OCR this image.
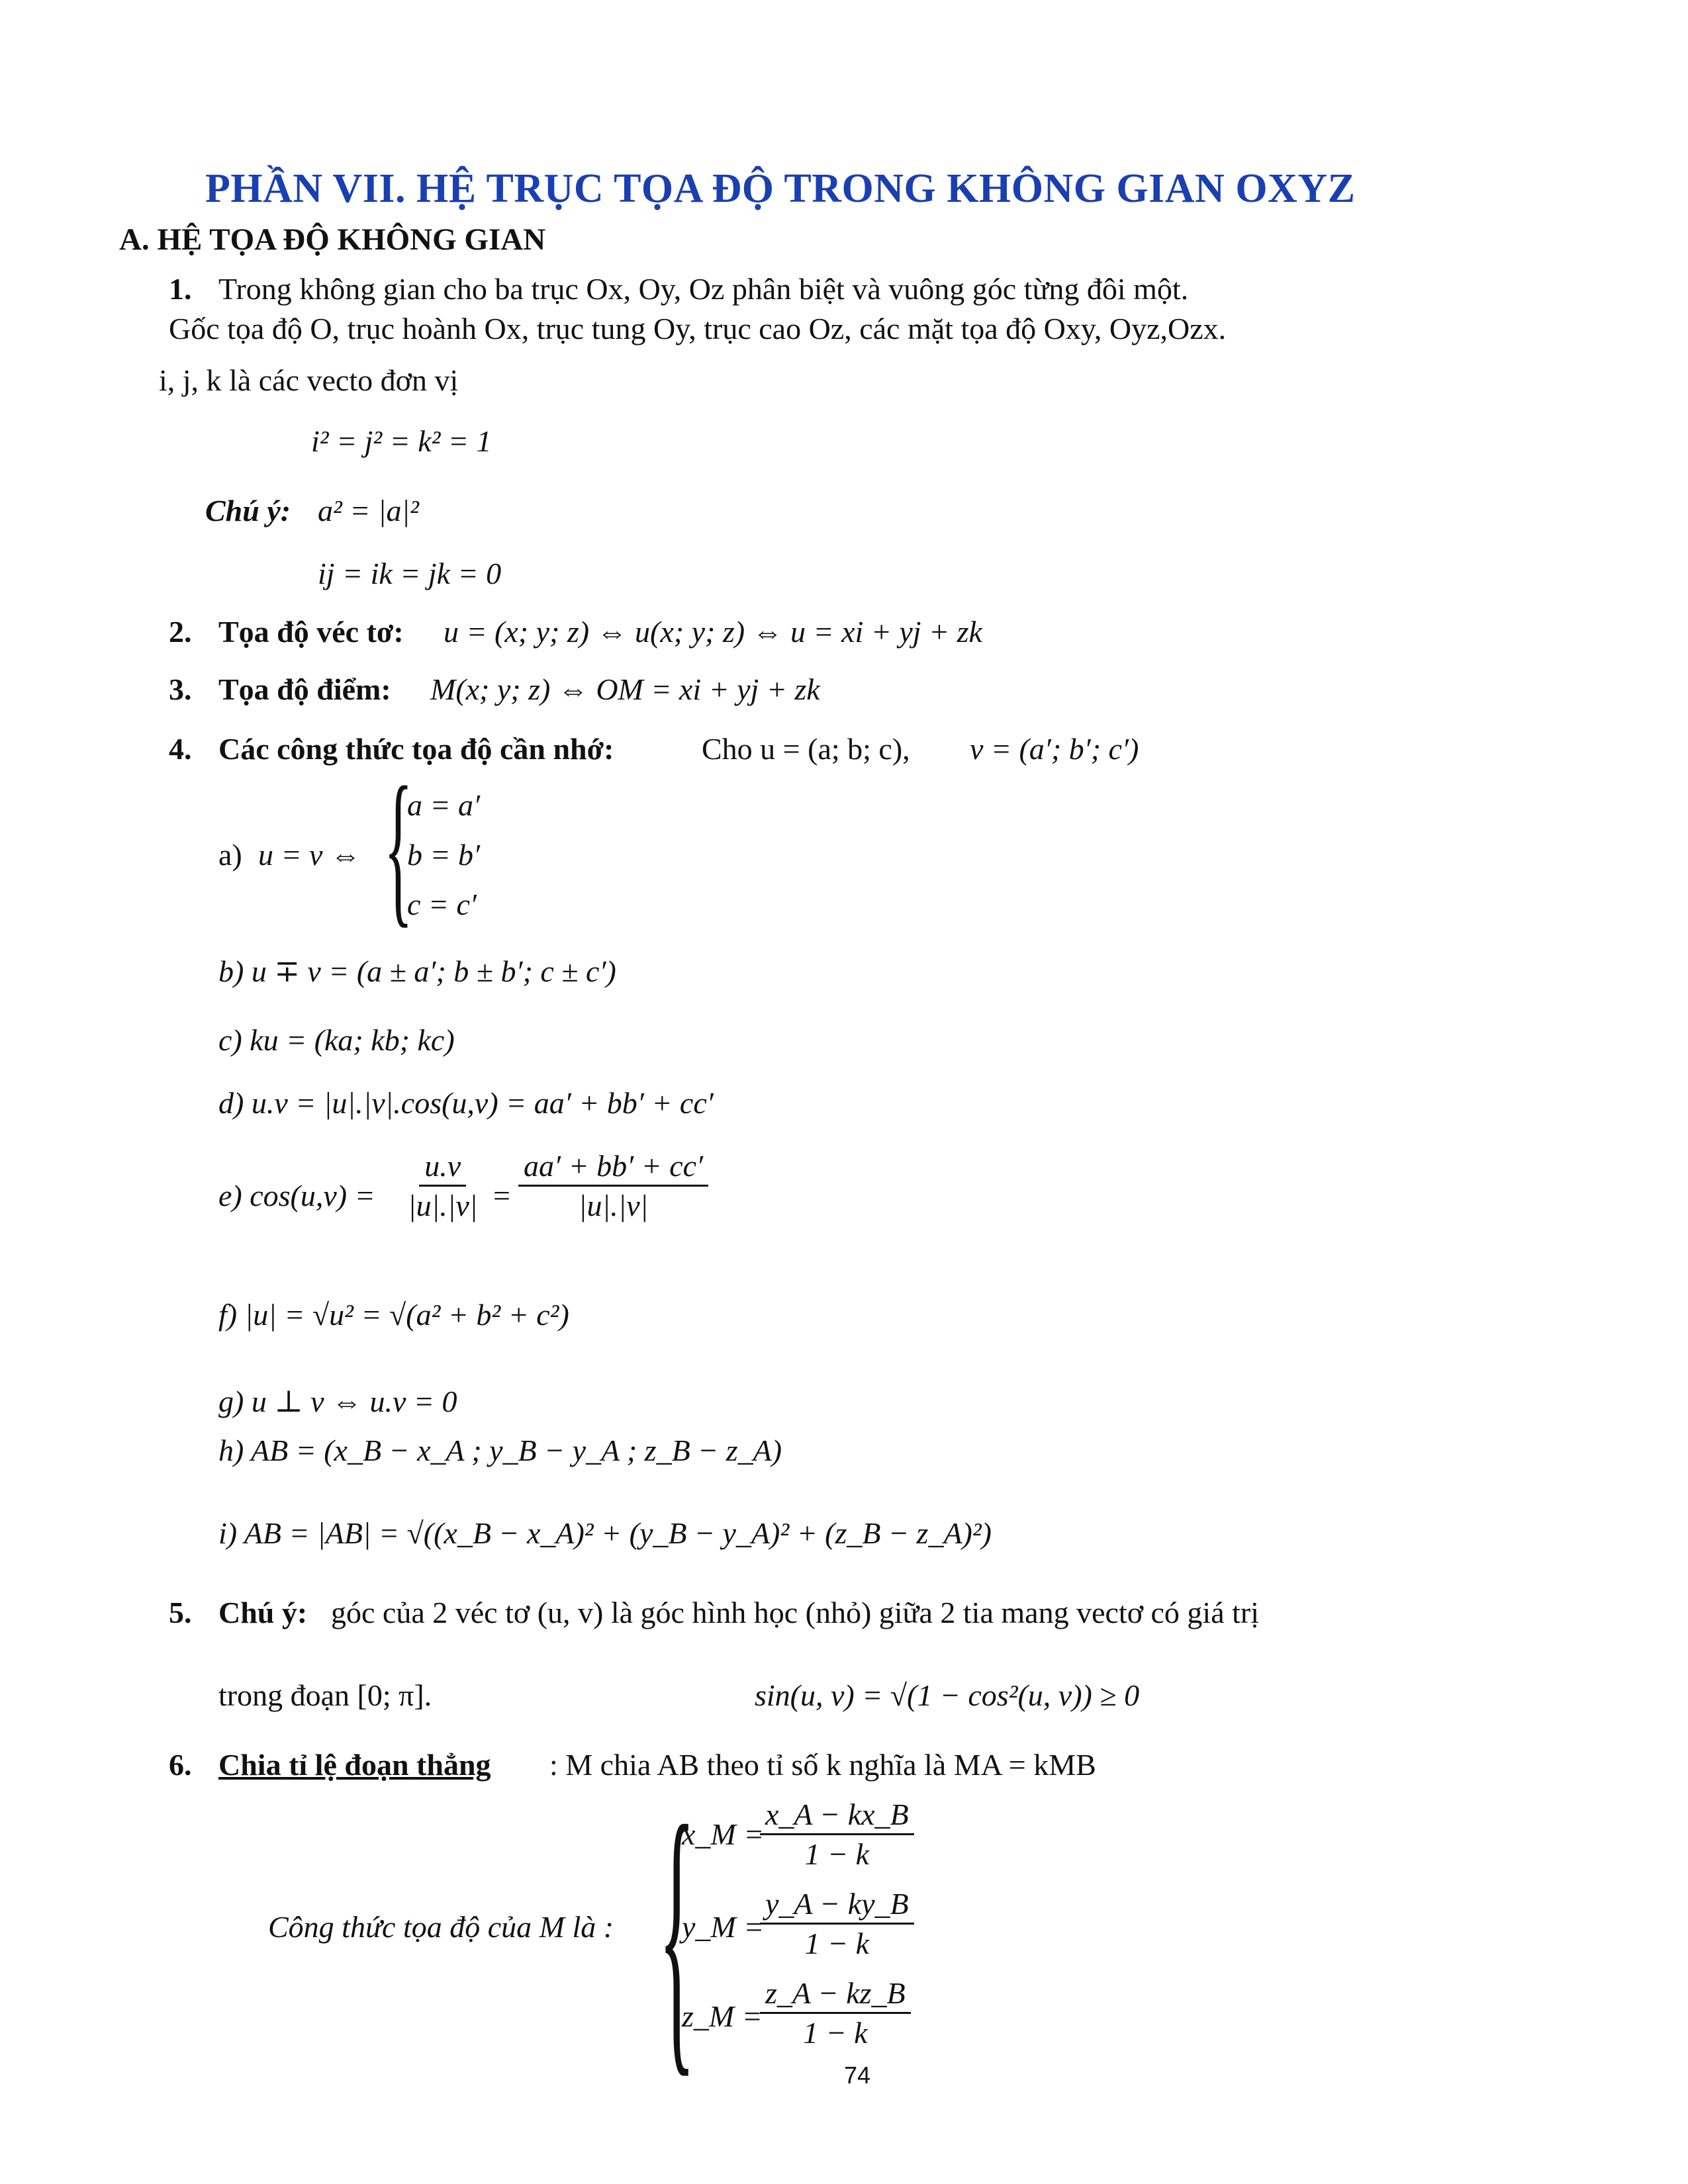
PHẦN VII. HỆ TRỤC TỌA ĐỘ TRONG KHÔNG GIAN OXYZ
A. HỆ TỌA ĐỘ KHÔNG GIAN
1. Trong không gian cho ba trục Ox, Oy, Oz phân biệt và vuông góc từng đôi một.
Gốc tọa độ O, trục hoành Ox, trục tung Oy, trục cao Oz, các mặt tọa độ Oxy, Oyz,Ozx.
i, j, k là các vecto đơn vị
i² = j² = k² = 1
Chú ý: a² = |a|²
ij = ik = jk = 0
2. Tọa độ véc tơ: u = (x; y; z) ⇔ u(x; y; z) ⇔ u = xi + yj + zk
3. Tọa độ điểm: M(x; y; z) ⇔ OM = xi + yj + zk
4. Các công thức tọa độ cần nhớ:	Cho u = (a; b; c), v = (a′; b′; c′)
a) u = v ⇔ {
a = a′
b = b′
c = c′
b) u ∓ v = (a ± a′; b ± b′; c ± c′)
c) ku = (ka; kb; kc)
d) u.v = |u|.|v|.cos(u,v) = aa′ + bb′ + cc′
e) $\cos(u,v) = \frac{u.v}{|u|.|v|} = \frac{aa' + bb' + cc'}{|u|.|v|}$
f) |u| = √u² = √(a² + b² + c²)
g) u ⊥ v ⇔ u.v = 0
h) AB = (x_B − x_A ; y_B − y_A ; z_B − z_A)
i) AB = |AB| = √((x_B − x_A)² + (y_B − y_A)² + (z_B − z_A)²)
5. Chú ý: góc của 2 véc tơ (u, v) là góc hình học (nhỏ) giữa 2 tia mang vectơ có giá trị
trong đoạn [0; π].	sin(u, v) = √(1 − cos²(u, v)) ≥ 0
6. Chia tỉ lệ đoạn thẳng : M chia AB theo tỉ số k nghĩa là MA = kMB
Công thức tọa độ của M là : {
x_M =
$\frac{x\_A - kx\_B}{1 - k}$
y_M =
$\frac{y\_A - ky\_B}{1 - k}$
z_M =
$\frac{z\_A - kz\_B}{1 - k}$
74
